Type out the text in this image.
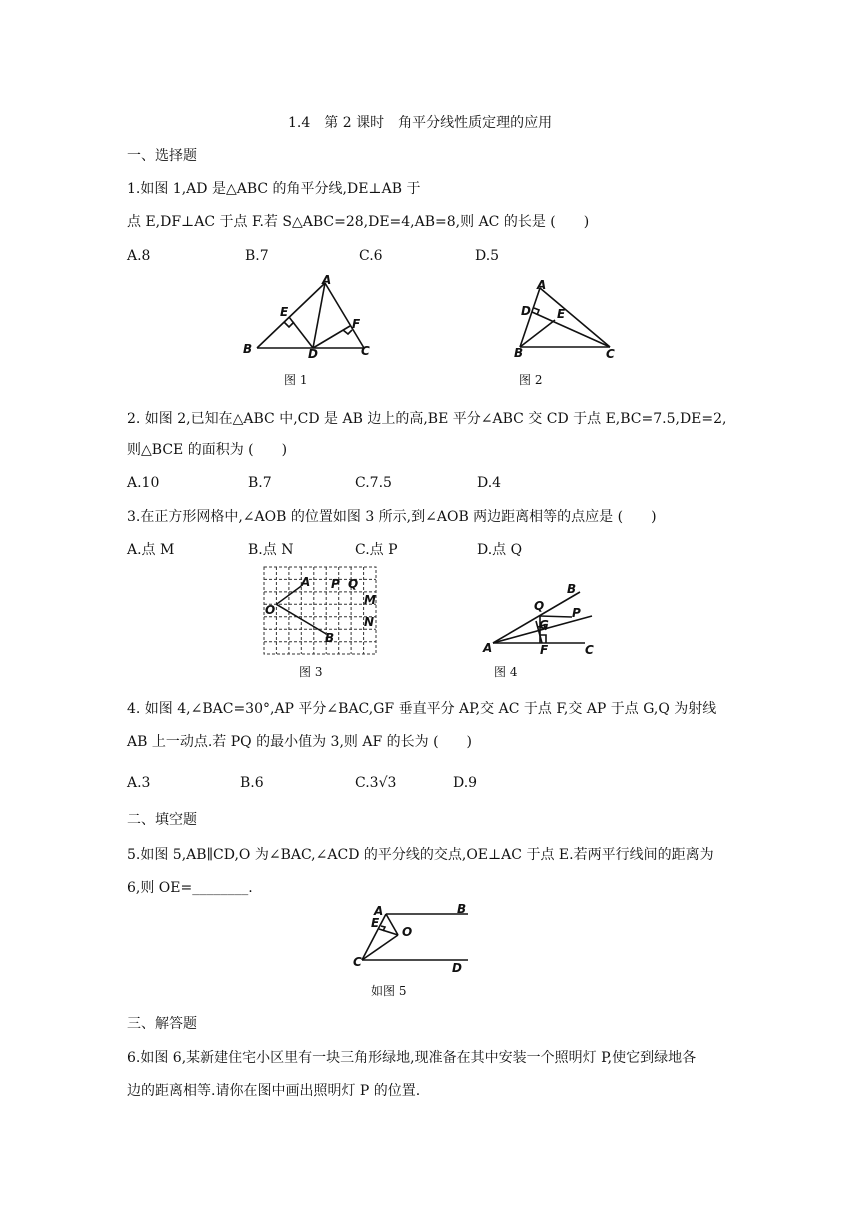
1.4　第 2 课时　角平分线性质定理的应用
一、选择题
1.如图 1,AD 是△ABC 的角平分线,DE⊥AB 于
点 E,DF⊥AC 于点 F.若 S△ABC=28,DE=4,AB=8,则 AC 的长是 (　　)
A.8	B.7	C.6	D.5
A
B	C
D
E
F
图 1
A
B	C
D E
图 2
2. 如图 2,已知在△ABC 中,CD 是 AB 边上的高,BE 平分∠ABC 交 CD 于点 E,BC=7.5,DE=2,
则△BCE 的面积为 (　　)
A.10	B.7	C.7.5	D.4
3.在正方形网格中,∠AOB 的位置如图 3 所示,到∠AOB 两边距离相等的点应是 (　　)
A.点 M	B.点 N	C.点 P	D.点 Q
O
A
B
P Q
M
N
图 3
A
B
C
P
Q
G
F
图 4
4. 如图 4,∠BAC=30°,AP 平分∠BAC,GF 垂直平分 AP,交 AC 于点 F,交 AP 于点 G,Q 为射线
AB 上一动点.若 PQ 的最小值为 3,则 AF 的长为 (　　)
A.3	B.6	C.3√3	D.9
二、填空题
5.如图 5,AB∥CD,O 为∠BAC,∠ACD 的平分线的交点,OE⊥AC 于点 E.若两平行线间的距离为
6,则 OE=________.
A	B
C	D
E
O
如图 5
三、解答题
6.如图 6,某新建住宅小区里有一块三角形绿地,现准备在其中安装一个照明灯 P,使它到绿地各
边的距离相等.请你在图中画出照明灯 P 的位置.
